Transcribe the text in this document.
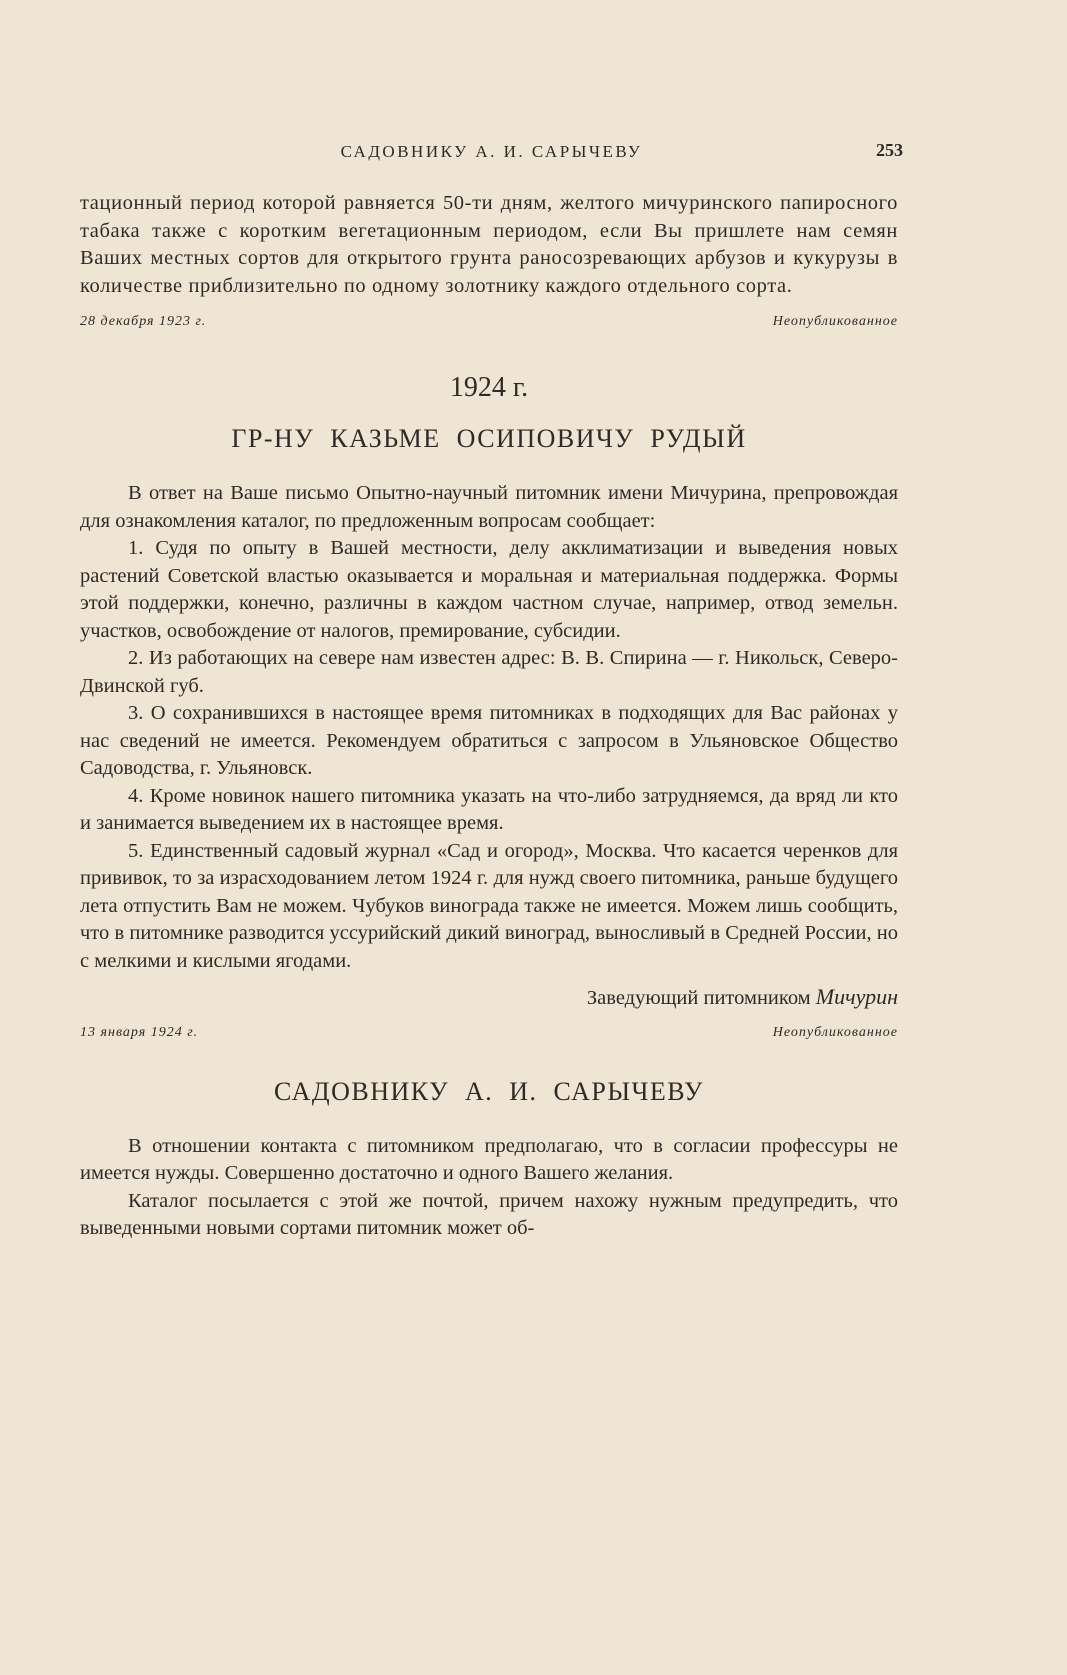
САДОВНИКУ А. И. САРЫЧЕВУ	253

тационный период которой равняется 50-ти дням, желтого мичуринского папиросного табака также с коротким вегетационным периодом, если Вы пришлете нам семян Ваших местных сортов для открытого грунта раносозревающих арбузов и кукурузы в количестве приблизительно по одному золотнику каждого отдельного сорта.

28 декабря 1923 г.	Неопубликованное
1924 г.
ГР-НУ КАЗЬМЕ ОСИПОВИЧУ РУДЫЙ

В ответ на Ваше письмо Опытно-научный питомник имени Мичурина, препровождая для ознакомления каталог, по предложенным вопросам сообщает:

1. Судя по опыту в Вашей местности, делу акклиматизации и выведения новых растений Советской властью оказывается и моральная и материальная поддержка. Формы этой поддержки, конечно, различны в каждом частном случае, например, отвод земельн. участков, освобождение от налогов, премирование, субсидии.

2. Из работающих на севере нам известен адрес: В. В. Спирина — г. Никольск, Северо-Двинской губ.

3. О сохранившихся в настоящее время питомниках в подходящих для Вас районах у нас сведений не имеется. Рекомендуем обратиться с запросом в Ульяновское Общество Садоводства, г. Ульяновск.

4. Кроме новинок нашего питомника указать на что-либо затрудняемся, да вряд ли кто и занимается выведением их в настоящее время.

5. Единственный садовый журнал «Сад и огород», Москва. Что касается черенков для прививок, то за израсходованием летом 1924 г. для нужд своего питомника, раньше будущего лета отпустить Вам не можем. Чубуков винограда также не имеется. Можем лишь сообщить, что в питомнике разводится уссурийский дикий виноград, выносливый в Средней России, но с мелкими и кислыми ягодами.

Заведующий питомником Мичурин

13 января 1924 г.	Неопубликованное
САДОВНИКУ А. И. САРЫЧЕВУ

В отношении контакта с питомником предполагаю, что в согласии профессуры не имеется нужды. Совершенно достаточно и одного Вашего желания.

Каталог посылается с этой же почтой, причем нахожу нужным предупредить, что выведенными новыми сортами питомник может об-
